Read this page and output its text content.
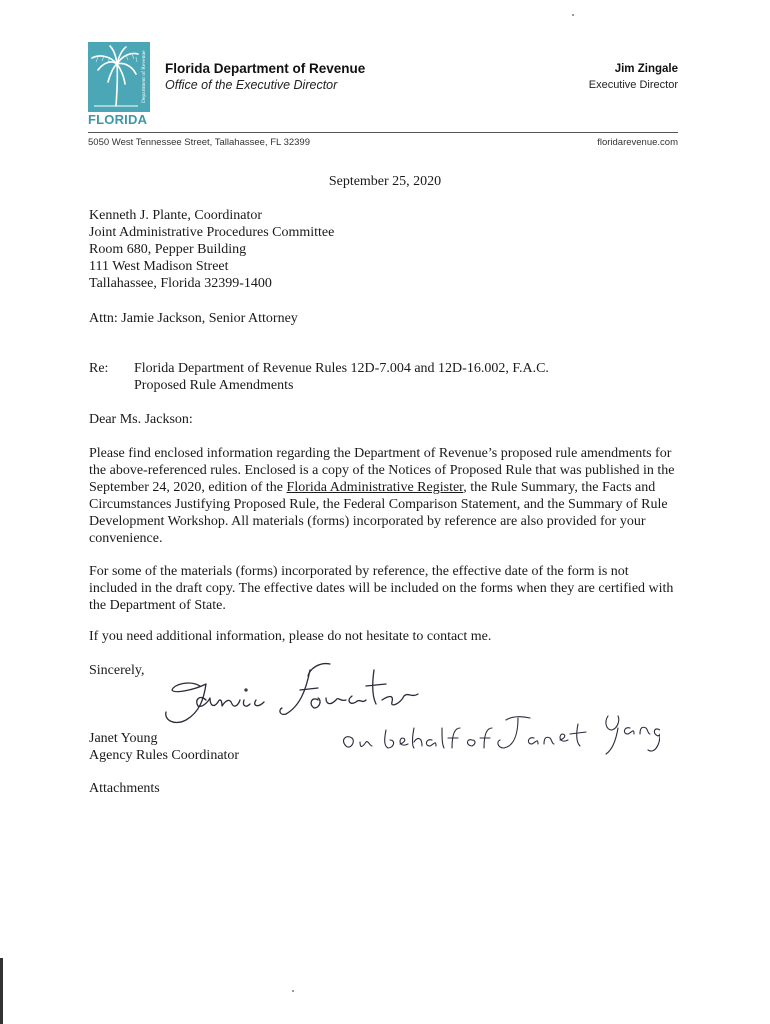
Department of Revenue
FLORIDA
Florida Department of Revenue
Office of the Executive Director
Jim Zingale
Executive Director
5050 West Tennessee Street, Tallahassee, FL 32399	floridarevenue.com
September 25, 2020
Kenneth J. Plante, Coordinator
Joint Administrative Procedures Committee
Room 680, Pepper Building
111 West Madison Street
Tallahassee, Florida 32399-1400
Attn: Jamie Jackson, Senior Attorney
Re: Florida Department of Revenue Rules 12D-7.004 and 12D-16.002, F.A.C.
Proposed Rule Amendments
Dear Ms. Jackson:

Please find enclosed information regarding the Department of Revenue’s proposed rule amendments for the above-referenced rules. Enclosed is a copy of the Notices of Proposed Rule that was published in the September 24, 2020, edition of the Florida Administrative Register, the Rule Summary, the Facts and Circumstances Justifying Proposed Rule, the Federal Comparison Statement, and the Summary of Rule Development Workshop. All materials (forms) incorporated by reference are also provided for your convenience.

For some of the materials (forms) incorporated by reference, the effective date of the form is not included in the draft copy. The effective dates will be included on the forms when they are certified with the Department of State.

If you need additional information, please do not hesitate to contact me.

Sincerely,
Janet Young
Agency Rules Coordinator
Attachments
